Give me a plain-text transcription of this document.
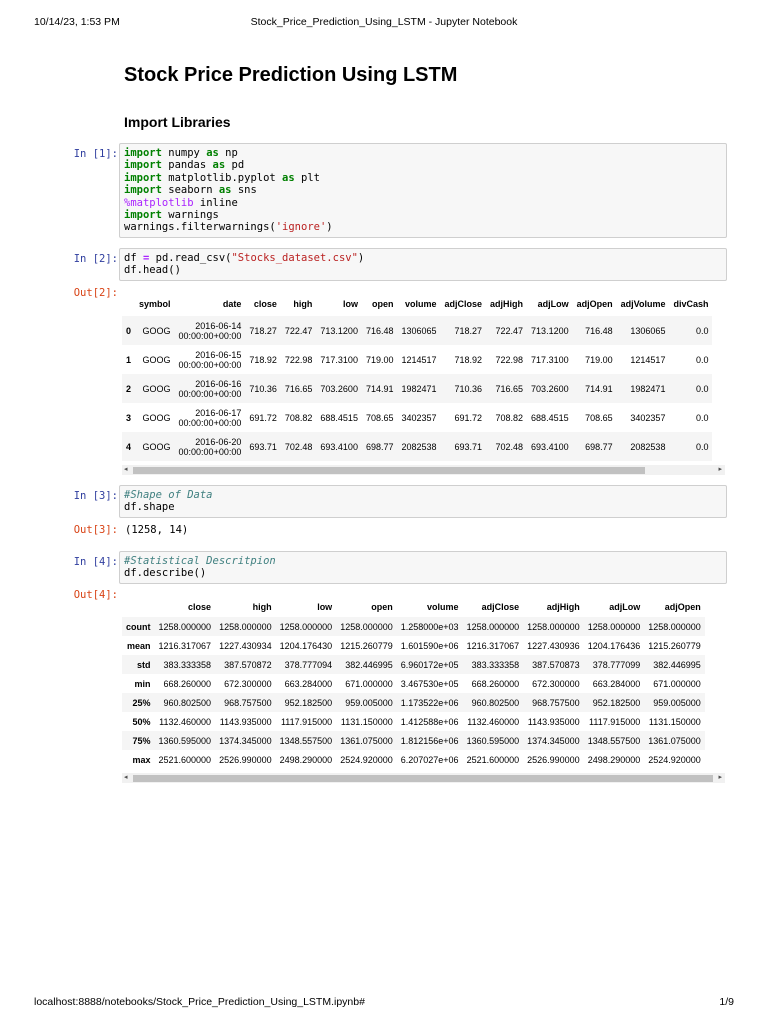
10/14/23, 1:53 PM	Stock_Price_Prediction_Using_LSTM - Jupyter Notebook
Stock Price Prediction Using LSTM
Import Libraries
In [1]: import numpy as np
import pandas as pd
import matplotlib.pyplot as plt
import seaborn as sns
%matplotlib inline
import warnings
warnings.filterwarnings('ignore')
In [2]: df = pd.read_csv("Stocks_dataset.csv")
df.head()
Out[2]:
	symbol	date	close	high	low	open	volume	adjClose	adjHigh	adjLow	adjOpen	adjVolume	divCash
0	GOOG	2016-06-14
00:00:00+00:00	718.27	722.47	713.1200	716.48	1306065	718.27	722.47	713.1200	716.48	1306065	0.0
1	GOOG	2016-06-15
00:00:00+00:00	718.92	722.98	717.3100	719.00	1214517	718.92	722.98	717.3100	719.00	1214517	0.0
2	GOOG	2016-06-16
00:00:00+00:00	710.36	716.65	703.2600	714.91	1982471	710.36	716.65	703.2600	714.91	1982471	0.0
3	GOOG	2016-06-17
00:00:00+00:00	691.72	708.82	688.4515	708.65	3402357	691.72	708.82	688.4515	708.65	3402357	0.0
4	GOOG	2016-06-20
00:00:00+00:00	693.71	702.48	693.4100	698.77	2082538	693.71	702.48	693.4100	698.77	2082538	0.0
◂	▸
In [3]: #Shape of Data
df.shape
Out[3]: (1258, 14)
In [4]: #Statistical Descritpion
df.describe()
Out[4]:
	close	high	low	open	volume	adjClose	adjHigh	adjLow	adjOpen
count	1258.000000	1258.000000	1258.000000	1258.000000	1.258000e+03	1258.000000	1258.000000	1258.000000	1258.000000
mean	1216.317067	1227.430934	1204.176430	1215.260779	1.601590e+06	1216.317067	1227.430936	1204.176436	1215.260779
std	383.333358	387.570872	378.777094	382.446995	6.960172e+05	383.333358	387.570873	378.777099	382.446995
min	668.260000	672.300000	663.284000	671.000000	3.467530e+05	668.260000	672.300000	663.284000	671.000000
25%	960.802500	968.757500	952.182500	959.005000	1.173522e+06	960.802500	968.757500	952.182500	959.005000
50%	1132.460000	1143.935000	1117.915000	1131.150000	1.412588e+06	1132.460000	1143.935000	1117.915000	1131.150000
75%	1360.595000	1374.345000	1348.557500	1361.075000	1.812156e+06	1360.595000	1374.345000	1348.557500	1361.075000
max	2521.600000	2526.990000	2498.290000	2524.920000	6.207027e+06	2521.600000	2526.990000	2498.290000	2524.920000
◂	▸
localhost:8888/notebooks/Stock_Price_Prediction_Using_LSTM.ipynb#	1/9
